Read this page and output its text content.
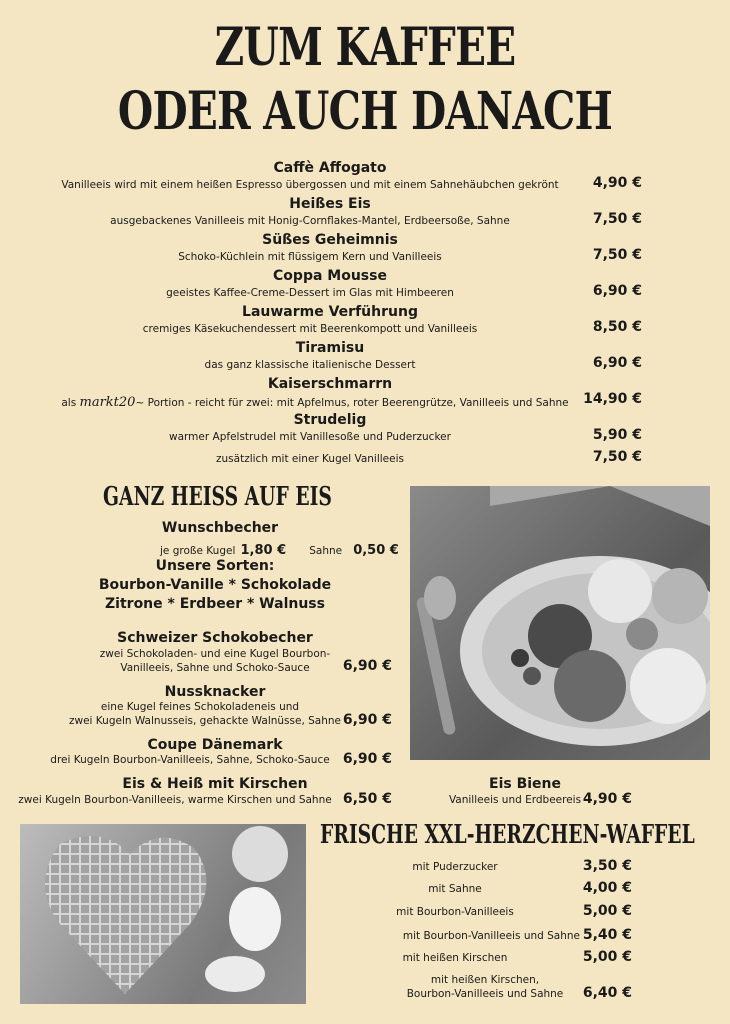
ZUM KAFFEE
ODER AUCH DANACH
Caffè Affogato
Vanilleeis wird mit einem heißen Espresso übergossen und mit einem Sahnehäubchen gekrönt	4,90 €
Heißes Eis
ausgebackenes Vanilleeis mit Honig-Cornflakes-Mantel, Erdbeersoße, Sahne	7,50 €
Süßes Geheimnis
Schoko-Küchlein mit flüssigem Kern und Vanilleeis	7,50 €
Coppa Mousse
geeistes Kaffee-Creme-Dessert im Glas mit Himbeeren	6,90 €
Lauwarme Verführung
cremiges Käsekuchendessert mit Beerenkompott und Vanilleeis	8,50 €
Tiramisu
das ganz klassische italienische Dessert	6,90 €
Kaiserschmarrn
als markt20~ Portion - reicht für zwei: mit Apfelmus, roter Beerengrütze, Vanilleeis und Sahne	14,90 €
Strudelig
warmer Apfelstrudel mit Vanillesoße und Puderzucker	5,90 €
zusätzlich mit einer Kugel Vanilleeis	7,50 €
GANZ HEISS AUF EIS
Wunschbecher
je große Kugel 1,80 € Sahne 0,50 €
Unsere Sorten:
Bourbon-Vanille * Schokolade
Zitrone * Erdbeer * Walnuss
Schweizer Schokobecher
zwei Schokoladen- und eine Kugel Bourbon-
Vanilleeis, Sahne und Schoko-Sauce	6,90 €
Nussknacker
eine Kugel feines Schokoladeneis und
zwei Kugeln Walnusseis, gehackte Walnüsse, Sahne 6,90 €
Coupe Dänemark
drei Kugeln Bourbon-Vanilleeis, Sahne, Schoko-Sauce 6,90 €
Eis & Heiß mit Kirschen
zwei Kugeln Bourbon-Vanilleeis, warme Kirschen und Sahne 6,50 €
Eis Biene
Vanilleeis und Erdbeereis 4,90 €
FRISCHE XXL-HERZCHEN-WAFFEL
mit Puderzucker	3,50 €
mit Sahne	4,00 €
mit Bourbon-Vanilleeis	5,00 €
mit Bourbon-Vanilleeis und Sahne 5,40 €
mit heißen Kirschen	5,00 €
mit heißen Kirschen,
Bourbon-Vanilleeis und Sahne	6,40 €
